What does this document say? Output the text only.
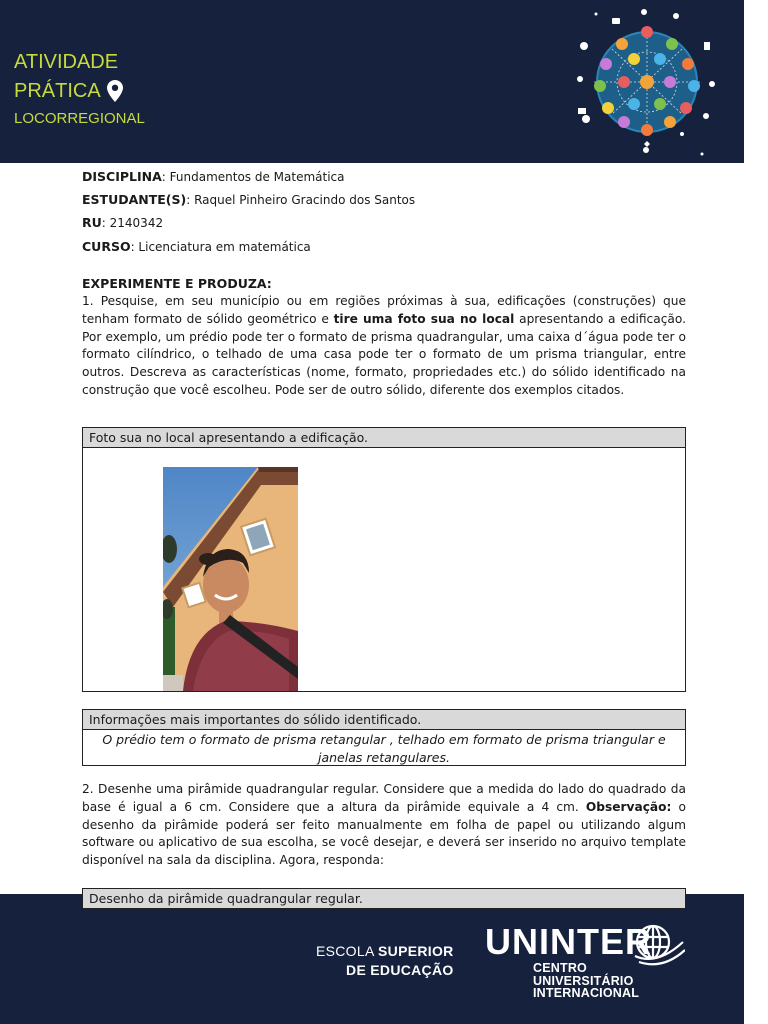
ATIVIDADE
PRÁTICA
LOCORREGIONAL
DISCIPLINA: Fundamentos de Matemática
ESTUDANTE(S): Raquel Pinheiro Gracindo dos Santos
RU: 2140342
CURSO: Licenciatura em matemática
EXPERIMENTE E PRODUZA:
1. Pesquise, em seu município ou em regiões próximas à sua, edificações (construções) que tenham formato de sólido geométrico e tire uma foto sua no local apresentando a edificação. Por exemplo, um prédio pode ter o formato de prisma quadrangular, uma caixa d´água pode ter o formato cilíndrico, o telhado de uma casa pode ter o formato de um prisma triangular, entre outros. Descreva as características (nome, formato, propriedades etc.) do sólido identificado na construção que você escolheu. Pode ser de outro sólido, diferente dos exemplos citados.
Foto sua no local apresentando a edificação.
Informações mais importantes do sólido identificado.
O prédio tem o formato de prisma retangular , telhado em formato de prisma triangular e janelas retangulares.
2. Desenhe uma pirâmide quadrangular regular. Considere que a medida do lado do quadrado da base é igual a 6 cm. Considere que a altura da pirâmide equivale a 4 cm. Observação: o desenho da pirâmide poderá ser feito manualmente em folha de papel ou utilizando algum software ou aplicativo de sua escolha, se você desejar, e deverá ser inserido no arquivo template disponível na sala da disciplina. Agora, responda:
ESCOLA SUPERIOR
DE EDUCAÇÃO
UNINTER
CENTRO
UNIVERSITÁRIO
INTERNACIONAL
Desenho da pirâmide quadrangular regular.
